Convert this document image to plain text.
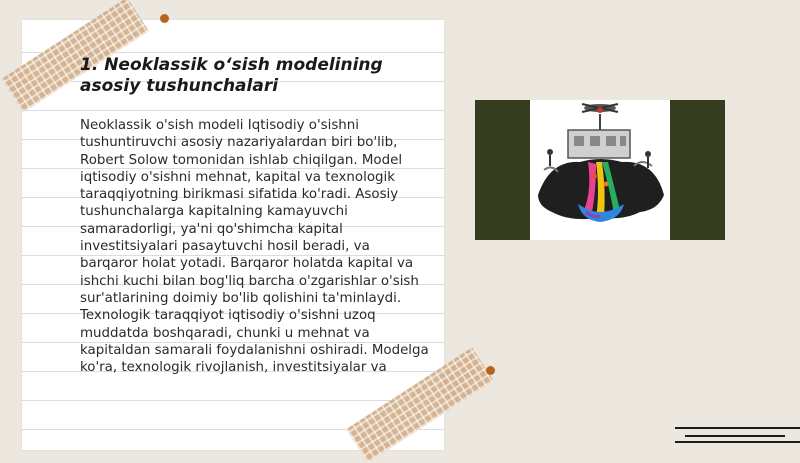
1. Neoklassik o‘sish modelining asosiy tushunchalari

Neoklassik o'sish modeli Iqtisodiy o'sishni tushuntiruvchi asosiy nazariyalardan biri bo'lib, Robert Solow tomonidan ishlab chiqilgan. Model iqtisodiy o'sishni mehnat, kapital va texnologik taraqqiyotning birikmasi sifatida ko'radi. Asosiy tushunchalarga kapitalning kamayuvchi samaradorligi, ya'ni qo'shimcha kapital investitsiyalari pasaytuvchi hosil beradi, va barqaror holat yotadi. Barqaror holatda kapital va ishchi kuchi bilan bog'liq barcha o'zgarishlar o'sish sur'atlarining doimiy bo'lib qolishini ta'minlaydi. Texnologik taraqqiyot iqtisodiy o'sishni uzoq muddatda boshqaradi, chunki u mehnat va kapitaldan samarali foydalanishni oshiradi. Modelga ko'ra, texnologik rivojlanish, investitsiyalar va
